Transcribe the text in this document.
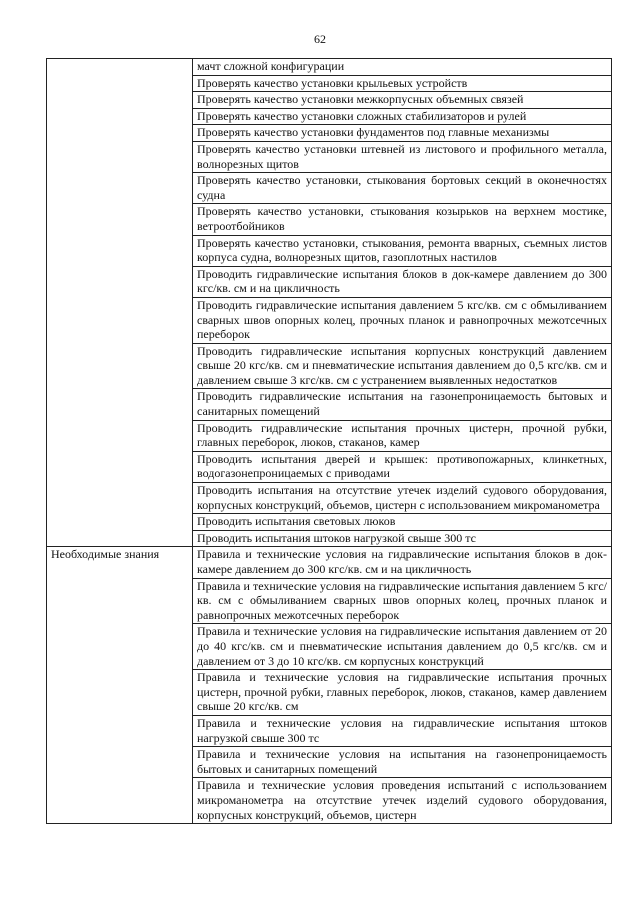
62
	мачт сложной конфигурации
	Проверять качество установки крыльевых устройств
	Проверять качество установки межкорпусных объемных связей
	Проверять качество установки сложных стабилизаторов и рулей
	Проверять качество установки фундаментов под главные механизмы
	Проверять качество установки штевней из листового и профильного металла, волнорезных щитов
	Проверять качество установки, стыкования бортовых секций в оконечностях судна
	Проверять качество установки, стыкования козырьков на верхнем мостике, ветроотбойников
	Проверять качество установки, стыкования, ремонта вварных, съемных листов корпуса судна, волнорезных щитов, газоплотных настилов
	Проводить гидравлические испытания блоков в док-камере давлением до 300 кгс/кв. см и на цикличность
	Проводить гидравлические испытания давлением 5 кгс/кв. см с обмыливанием сварных швов опорных колец, прочных планок и равнопрочных межотсечных переборок
	Проводить гидравлические испытания корпусных конструкций давлением свыше 20 кгс/кв. см и пневматические испытания давлением до 0,5 кгс/кв. см и давлением свыше 3 кгс/кв. см с устранением выявленных недостатков
	Проводить гидравлические испытания на газонепроницаемость бытовых и санитарных помещений
	Проводить гидравлические испытания прочных цистерн, прочной рубки, главных переборок, люков, стаканов, камер
	Проводить испытания дверей и крышек: противопожарных, клинкетных, водогазонепроницаемых с приводами
	Проводить испытания на отсутствие утечек изделий судового оборудования, корпусных конструкций, объемов, цистерн с использованием микроманометра
	Проводить испытания световых люков
	Проводить испытания штоков нагрузкой свыше 300 тс
Необходимые знания	Правила и технические условия на гидравлические испытания блоков в док-камере давлением до 300 кгс/кв. см и на цикличность
	Правила и технические условия на гидравлические испытания давлением 5 кгс/кв. см с обмыливанием сварных швов опорных колец, прочных планок и равнопрочных межотсечных переборок
	Правила и технические условия на гидравлические испытания давлением от 20 до 40 кгс/кв. см и пневматические испытания давлением до 0,5 кгс/кв. см и давлением от 3 до 10 кгс/кв. см корпусных конструкций
	Правила и технические условия на гидравлические испытания прочных цистерн, прочной рубки, главных переборок, люков, стаканов, камер давлением свыше 20 кгс/кв. см
	Правила и технические условия на гидравлические испытания штоков нагрузкой свыше 300 тс
	Правила и технические условия на испытания на газонепроницаемость бытовых и санитарных помещений
	Правила и технические условия проведения испытаний с использованием микроманометра на отсутствие утечек изделий судового оборудования, корпусных конструкций, объемов, цистерн
